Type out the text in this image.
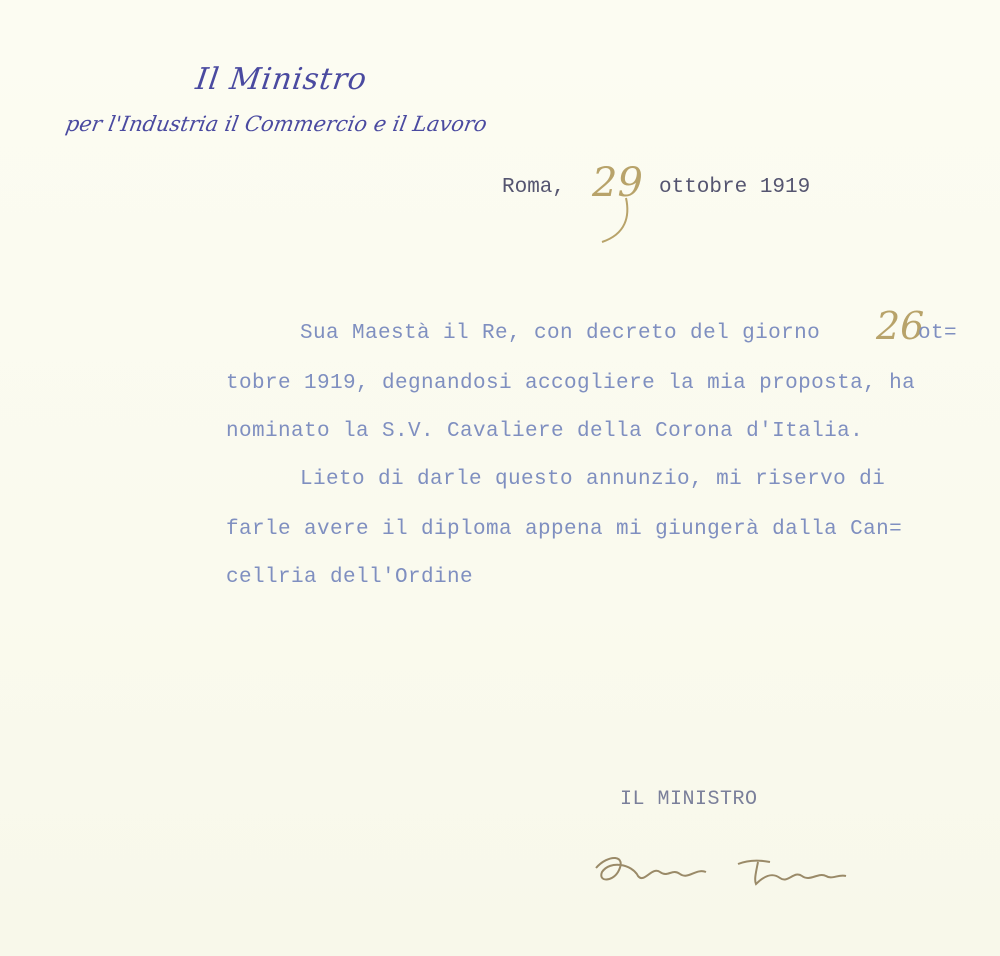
Il Ministro
per l'Industria il Commercio e il Lavoro
Roma, 29 ottobre 1919
Sua Maestà il Re, con decreto del giorno 26
ot=
tobre 1919, degnandosi accogliere la mia proposta, ha
nominato la S.V. Cavaliere della Corona d'Italia.
Lieto di darle questo annunzio, mi riservo di
farle avere il diploma appena mi giungerà dalla Can=
cellria dell'Ordine
IL MINISTRO
